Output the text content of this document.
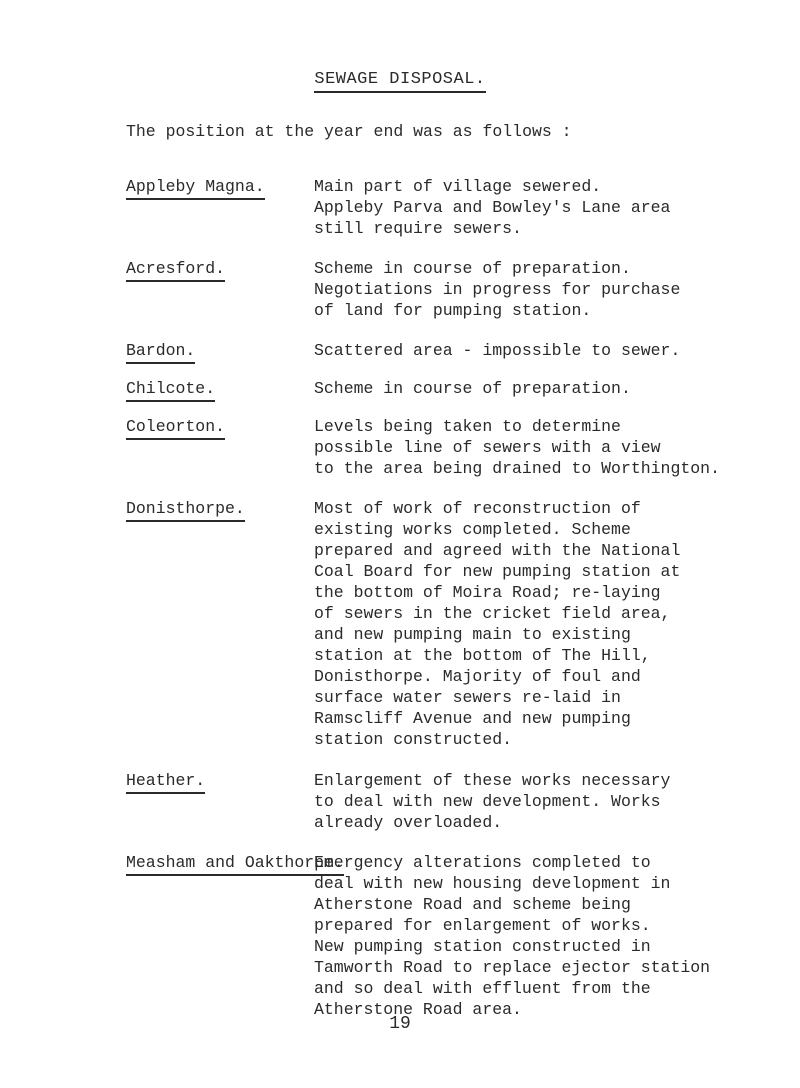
SEWAGE DISPOSAL.
The position at the year end was as follows :
Appleby Magna.	Main part of village sewered.
Appleby Parva and Bowley's Lane area
still require sewers.
Acresford.	Scheme in course of preparation.
Negotiations in progress for purchase
of land for pumping station.
Bardon.	Scattered area - impossible to sewer.
Chilcote.	Scheme in course of preparation.
Coleorton.	Levels being taken to determine
possible line of sewers with a view
to the area being drained to Worthington.
Donisthorpe.	Most of work of reconstruction of
existing works completed. Scheme
prepared and agreed with the National
Coal Board for new pumping station at
the bottom of Moira Road; re-laying
of sewers in the cricket field area,
and new pumping main to existing
station at the bottom of The Hill,
Donisthorpe. Majority of foul and
surface water sewers re-laid in
Ramscliff Avenue and new pumping
station constructed.
Heather.	Enlargement of these works necessary
to deal with new development. Works
already overloaded.
Measham and Oakthorpe.
Emergency alterations completed to
deal with new housing development in
Atherstone Road and scheme being
prepared for enlargement of works.
New pumping station constructed in
Tamworth Road to replace ejector station
and so deal with effluent from the
Atherstone Road area.
19
